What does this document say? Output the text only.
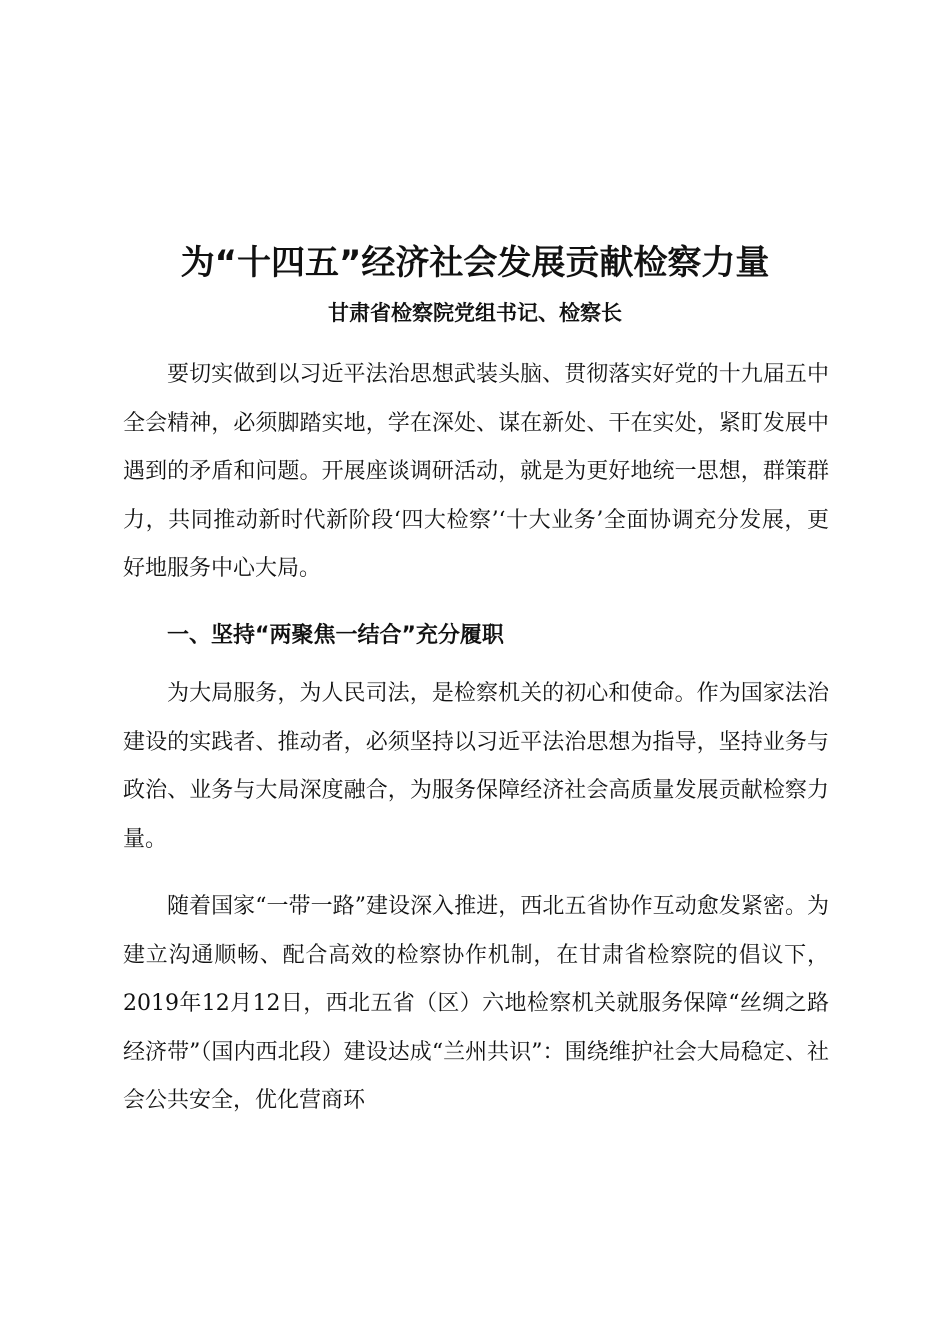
为“十四五”经济社会发展贡献检察力量
甘肃省检察院党组书记、检察长

要切实做到以习近平法治思想武装头脑、贯彻落实好党的十九届五中全会精神，必须脚踏实地，学在深处、谋在新处、干在实处，紧盯发展中遇到的矛盾和问题。开展座谈调研活动，就是为更好地统一思想，群策群力，共同推动新时代新阶段‘四大检察’‘十大业务’全面协调充分发展，更好地服务中心大局。

一、坚持“两聚焦一结合”充分履职

为大局服务，为人民司法，是检察机关的初心和使命。作为国家法治建设的实践者、推动者，必须坚持以习近平法治思想为指导，坚持业务与政治、业务与大局深度融合，为服务保障经济社会高质量发展贡献检察力量。

随着国家“一带一路”建设深入推进，西北五省协作互动愈发紧密。为建立沟通顺畅、配合高效的检察协作机制，在甘肃省检察院的倡议下，2019年12月12日，西北五省（区）六地检察机关就服务保障“丝绸之路经济带”（国内西北段）建设达成“兰州共识”：围绕维护社会大局稳定、社会公共安全，优化营商环
